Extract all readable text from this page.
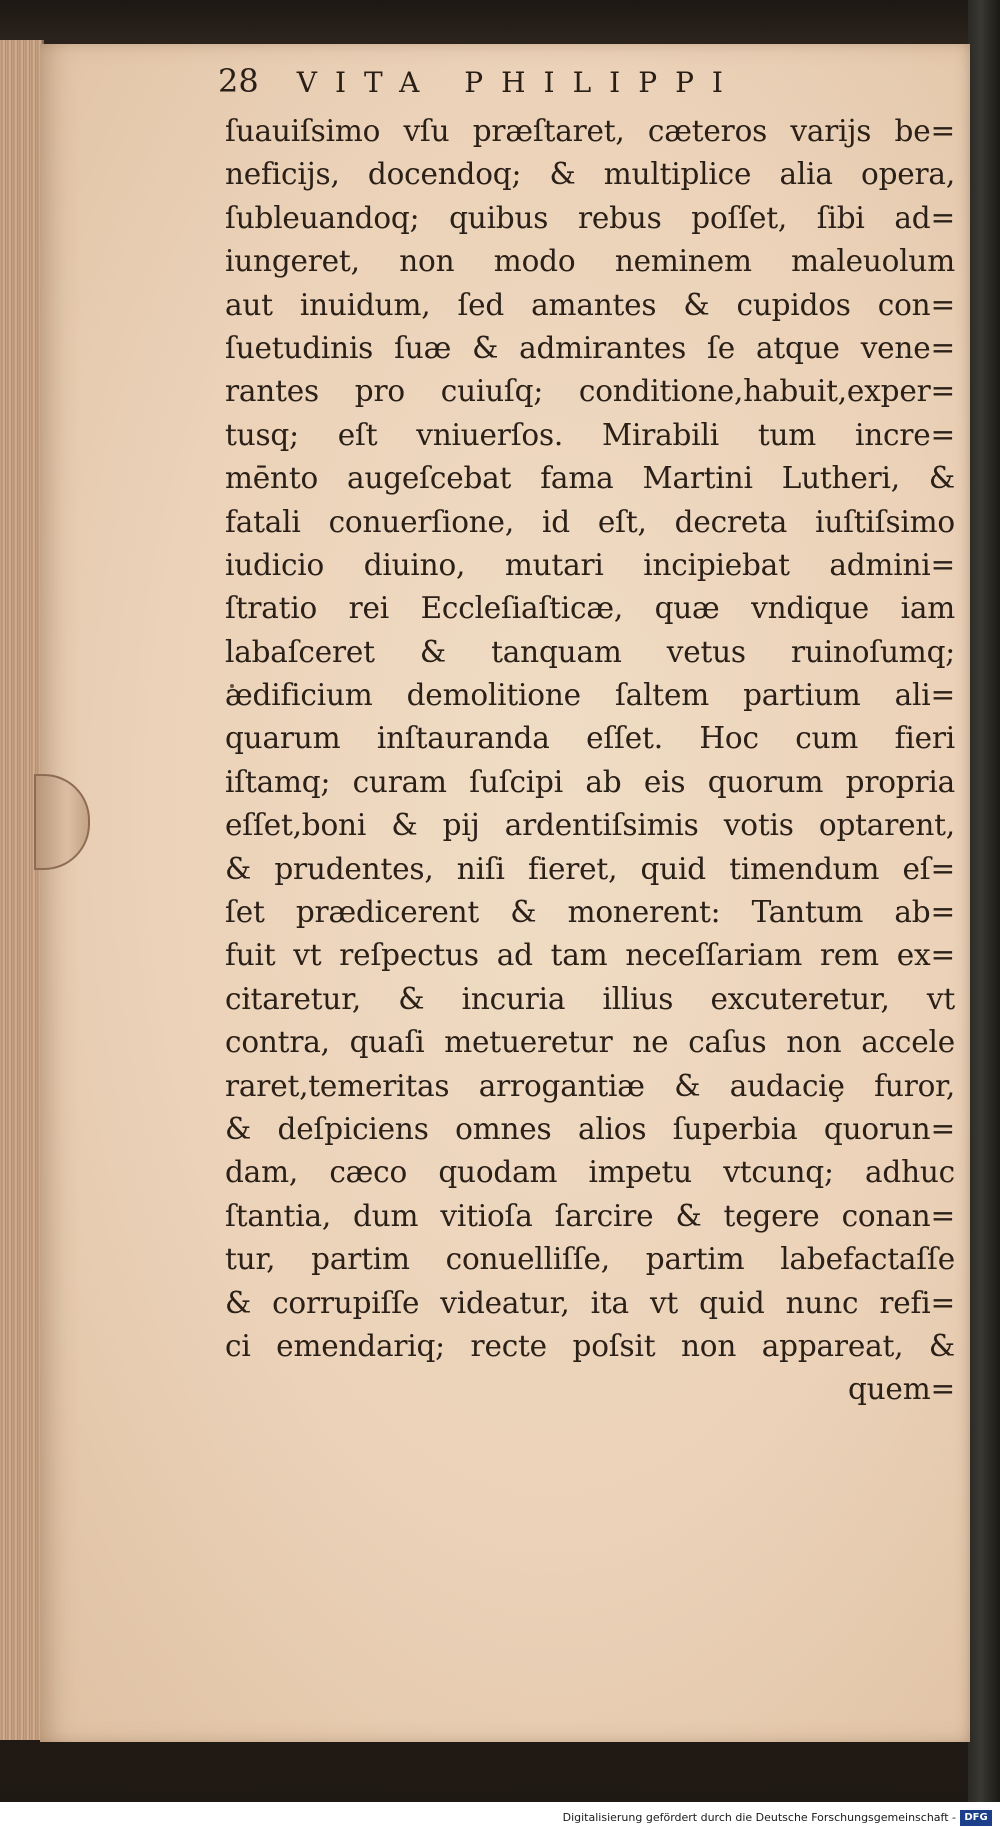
28 VITA PHILIPPI
ſuauiſsimo vſu præſtaret, cæteros variјs be=
neficijs, docendoq; & multiplice alia opera,
ſubleuandoq; quibus rebus poſſet, ſibi ad=
iungeret, non modo neminem maleuolum
aut inuidum, ſed amantes & cupidos con=
ſuetudinis ſuæ & admirantes ſe atque vene=
rantes pro cuiuſq; conditione,habuit,exper=
tusq; eſt vniuerſos. Mirabili tum incre=
mēnto augeſcebat fama Martini Lutheri, &
fatali conuerſione, id eſt, decreta iuſtiſsimo
iudicio diuino, mutari incipiebat admini=
ſtratio rei Eccleſiaſticæ, quæ vndique iam
labaſceret & tanquam vetus ruinoſumq;
ædificium demolitione ſaltem partium ali=
quarum inſtauranda eſſet. Hoc cum fieri
iſtamq; curam ſuſcipi ab eis quorum propria
eſſet,boni & pij ardentiſsimis votis optarent,
& prudentes, niſi fieret, quid timendum eſ=
ſet prædicerent & monerent: Tantum ab=
fuit vt reſpectus ad tam neceſſariam rem ex=
citaretur, & incuria illius excuteretur, vt
contra, quaſi metueretur ne caſus non accele
raret,temeritas arrogantiæ & audaciȩ furor,
& deſpiciens omnes alios ſuperbia quorun=
dam, cæco quodam impetu vtcunq; adhuc
ſtantia, dum vitioſa ſarcire & tegere conan=
tur, partim conuelliſſe, partim labefactaſſe
& corrupiſſe videatur, ita vt quid nunc refi=
ci emendarіq; recte poſsit non appareat, &
quem=
Digitalisierung gefördert durch die Deutsche Forschungsgemeinschaft - DFG
